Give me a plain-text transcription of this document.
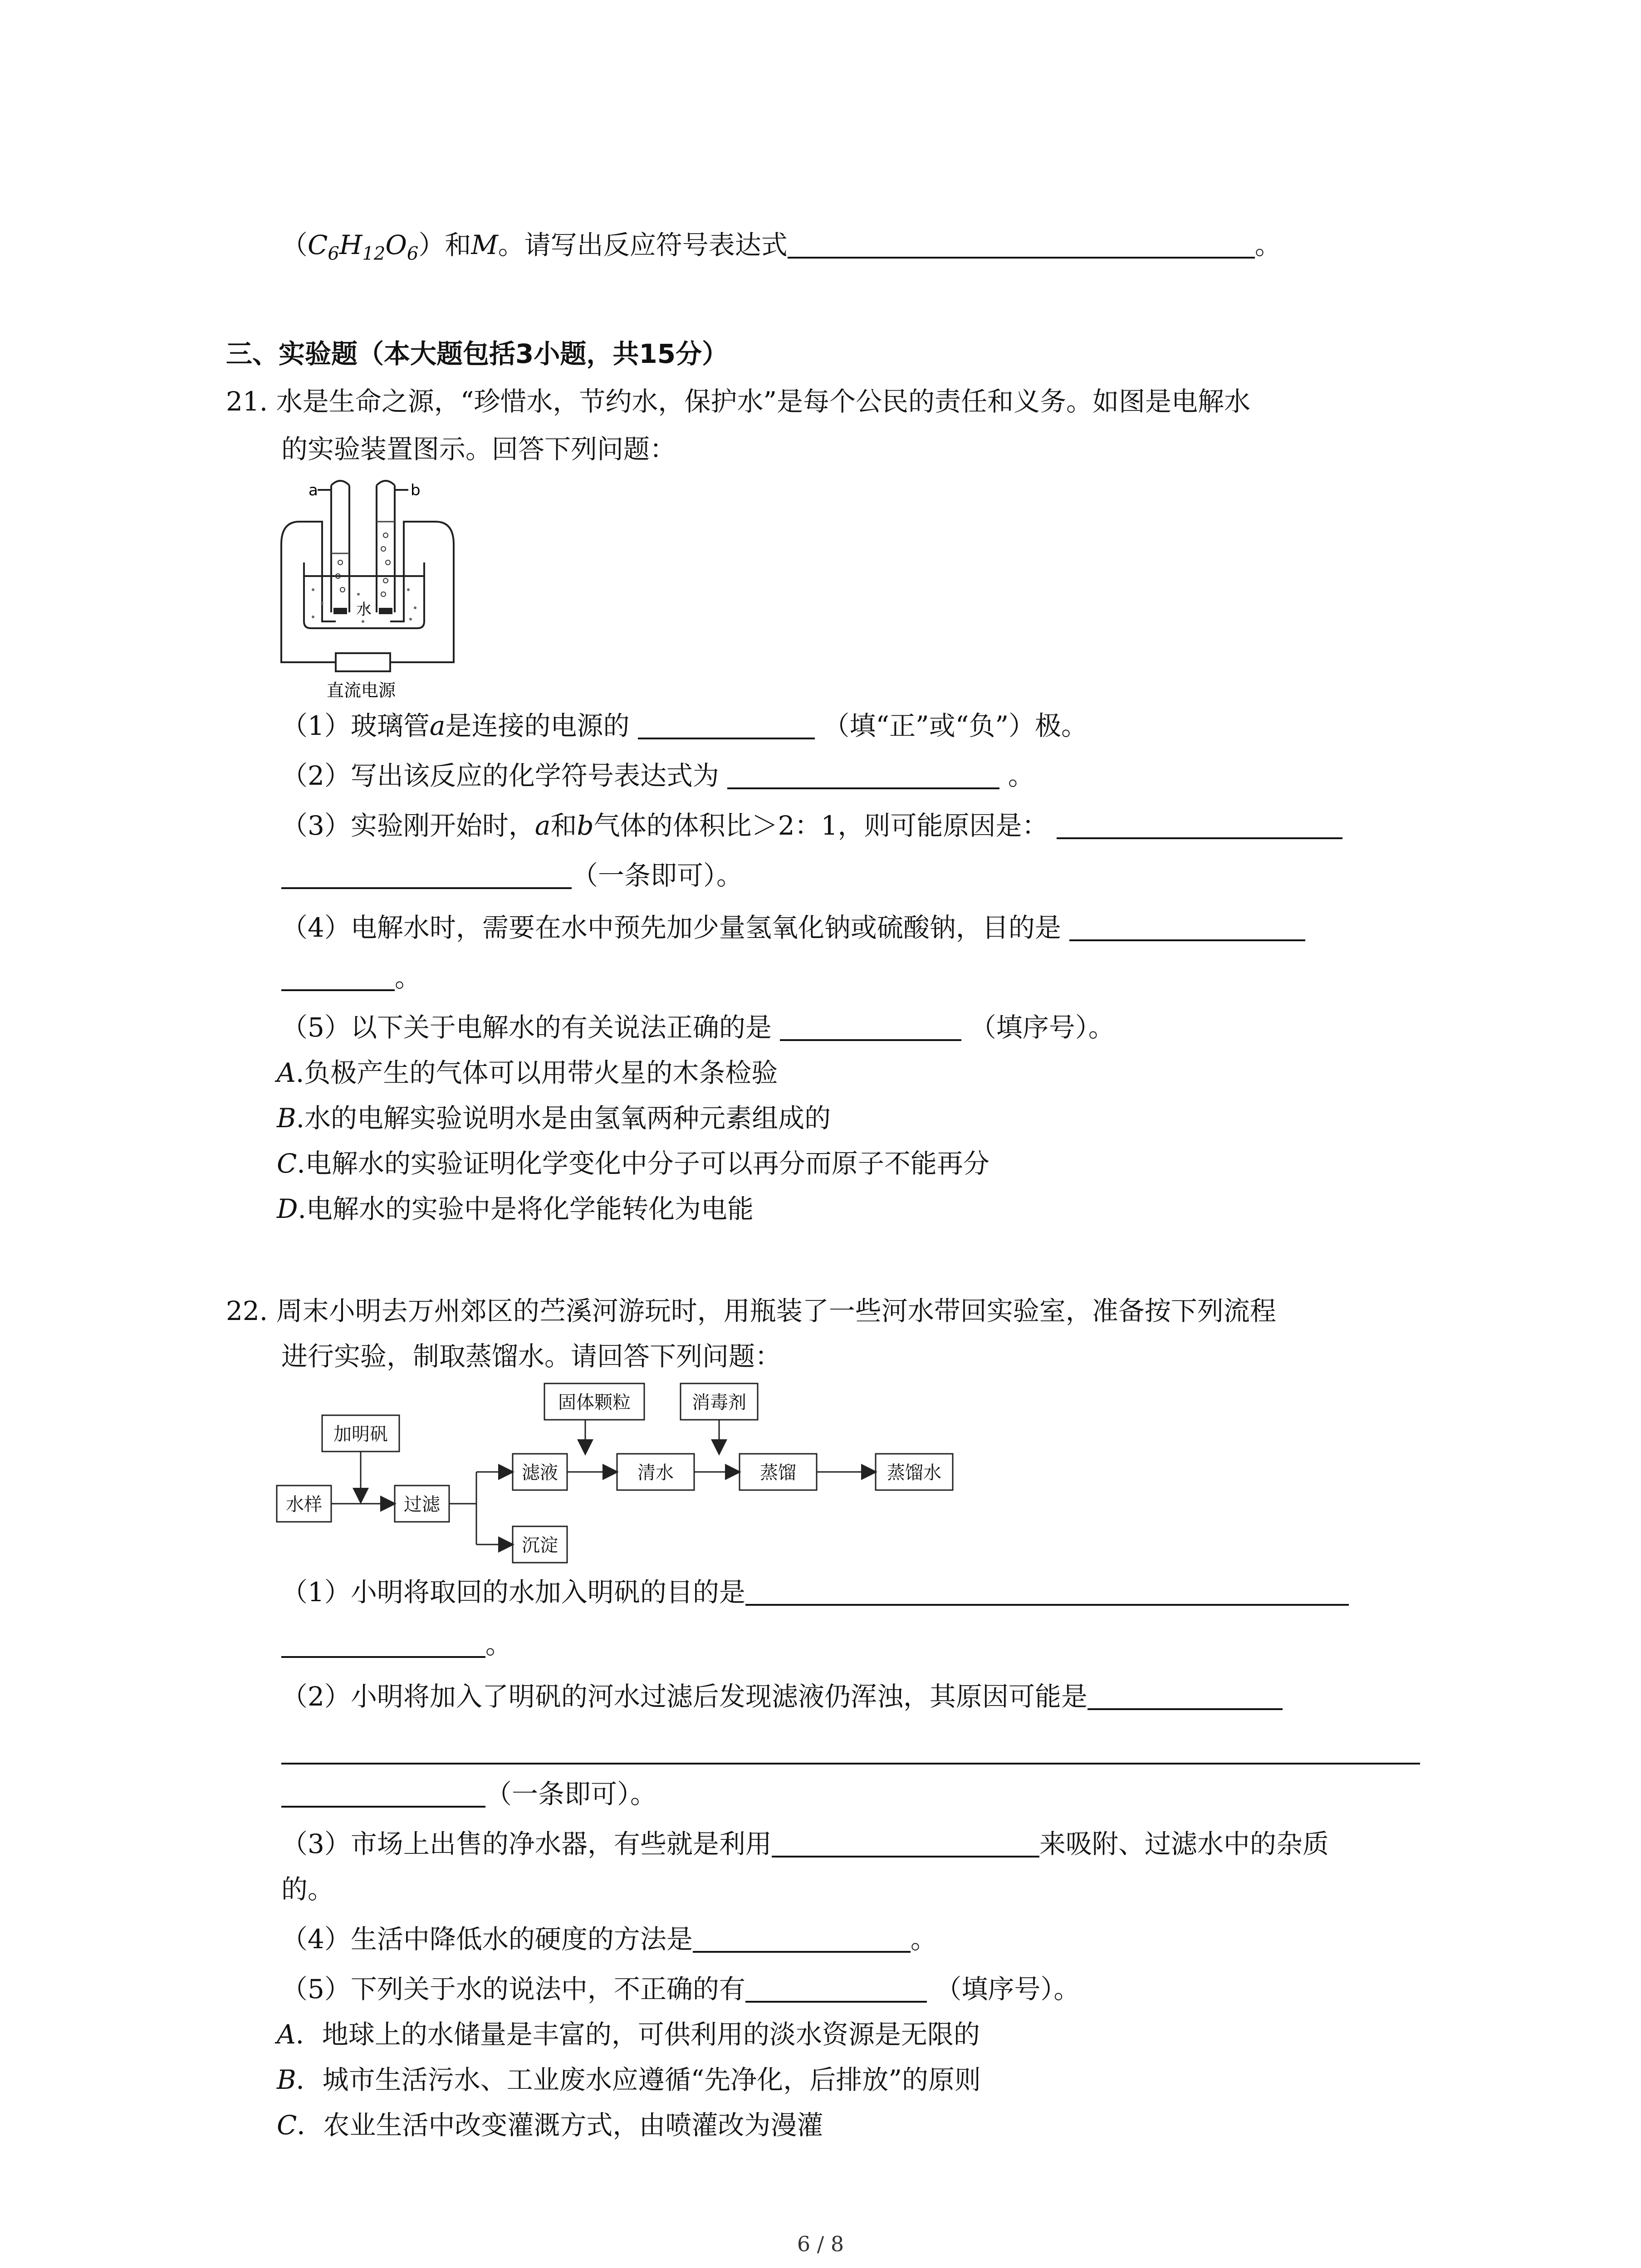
$(C_6H_{12}O_6)$和M。请写出反应符号表达式	。
三、实验题（本大题包括3小题，共15分）
21. 水是生命之源，“珍惜水，节约水，保护水”是每个公民的责任和义务。如图是电解水
的实验装置图示。回答下列问题：
a	b
水
直流电源
（1）玻璃管a是连接的电源的	（填“正”或“负”）极。
（2）写出该反应的化学符号表达式为	。
（3）实验刚开始时，a和b气体的体积比＞2：1，则可能原因是：
（一条即可）。
（4）电解水时，需要在水中预先加少量氢氧化钠或硫酸钠，目的是
。
（5）以下关于电解水的有关说法正确的是	（填序号）。
A.负极产生的气体可以用带火星的木条检验
B.水的电解实验说明水是由氢氧两种元素组成的
C.电解水的实验证明化学变化中分子可以再分而原子不能再分
D.电解水的实验中是将化学能转化为电能
22. 周末小明去万州郊区的苎溪河游玩时，用瓶装了一些河水带回实验室，准备按下列流程
进行实验，制取蒸馏水。请回答下列问题：
加明矾
水样	过滤
滤液
沉淀
固体颗粒
清水
消毒剂
蒸馏	蒸馏水
（1）小明将取回的水加入明矾的目的是
。
（2）小明将加入了明矾的河水过滤后发现滤液仍浑浊，其原因可能是
（一条即可）。
（3）市场上出售的净水器，有些就是利用	来吸附、过滤水中的杂质
的。
（4）生活中降低水的硬度的方法是	。
（5）下列关于水的说法中，不正确的有	（填序号）。
A．地球上的水储量是丰富的，可供利用的淡水资源是无限的
B．城市生活污水、工业废水应遵循“先净化，后排放”的原则
C．农业生活中改变灌溉方式，由喷灌改为漫灌
6 / 8
